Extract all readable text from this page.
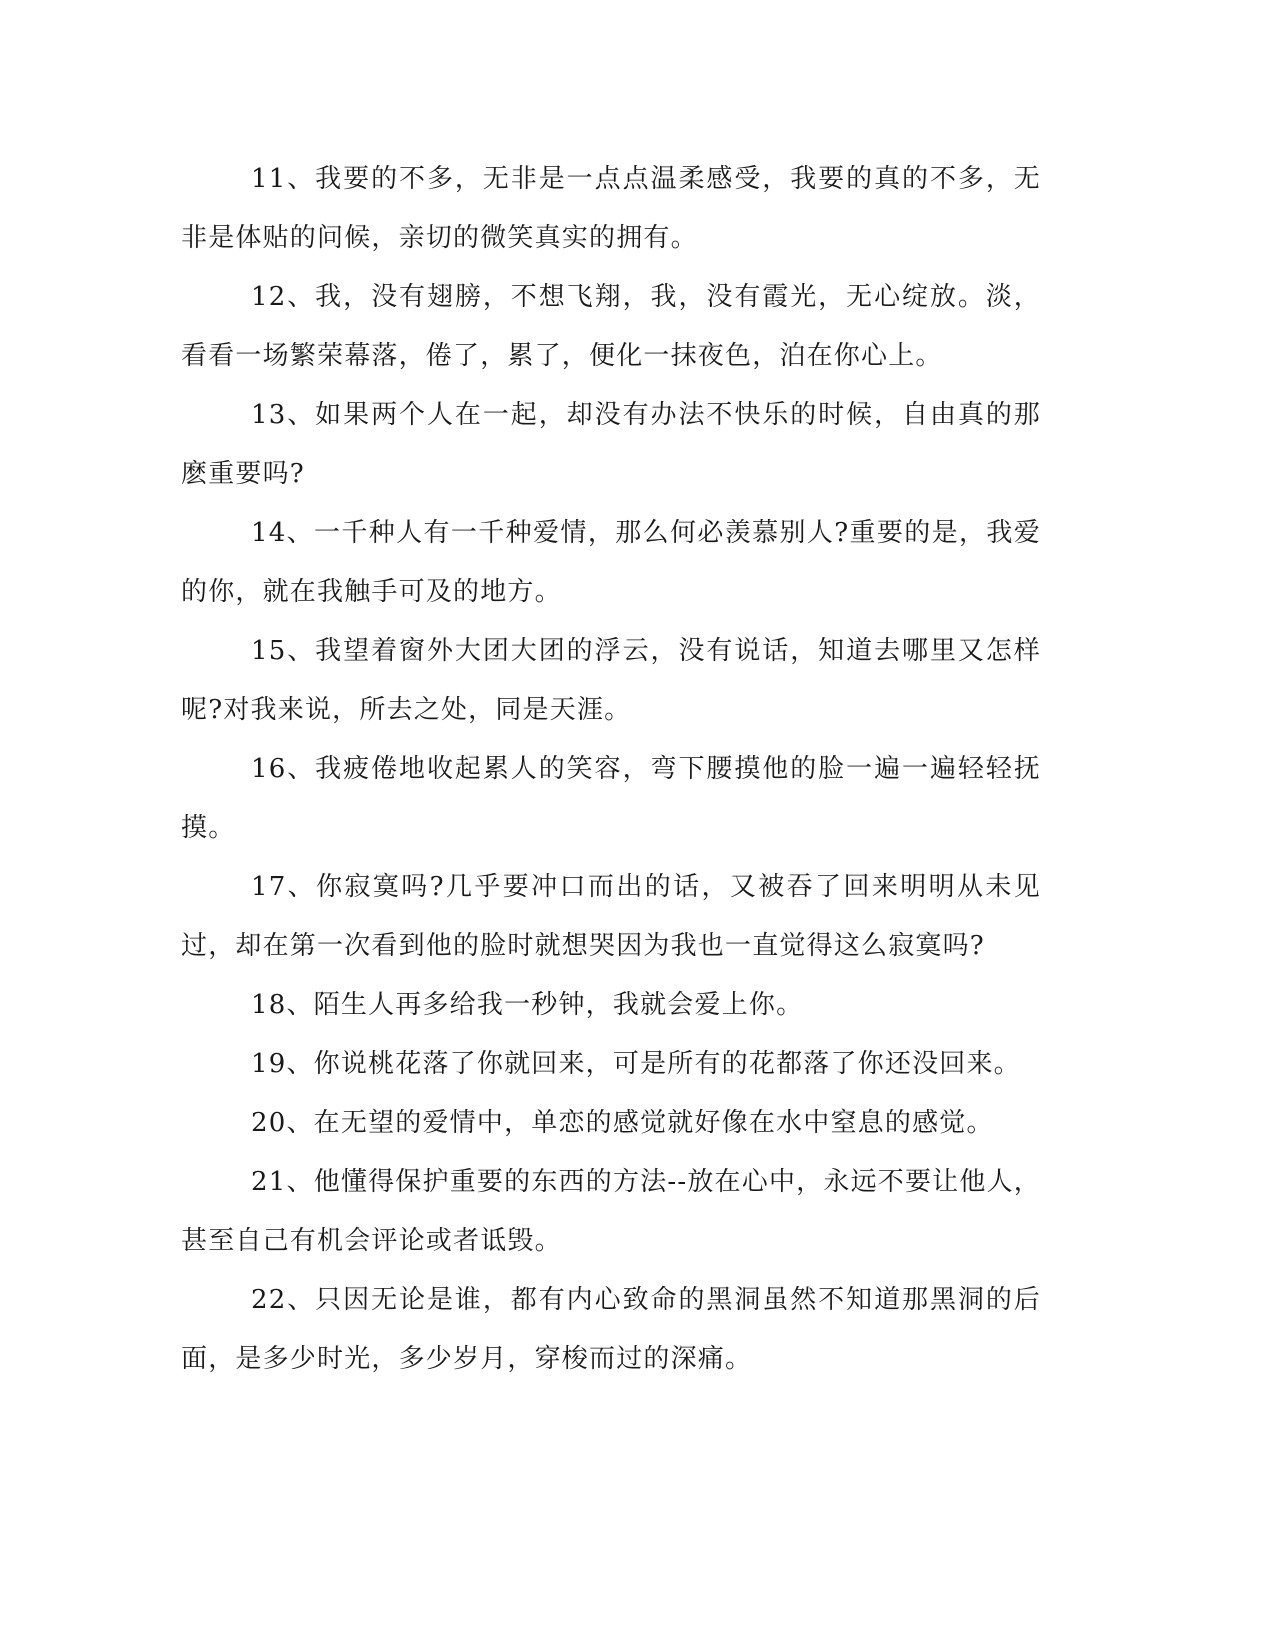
11、我要的不多，无非是一点点温柔感受，我要的真的不多，无非是体贴的问候，亲切的微笑真实的拥有。

12、我，没有翅膀，不想飞翔，我，没有霞光，无心绽放。淡，看看一场繁荣幕落，倦了，累了，便化一抹夜色，泊在你心上。

13、如果两个人在一起，却没有办法不快乐的时候，自由真的那麽重要吗?

14、一千种人有一千种爱情，那么何必羡慕别人?重要的是，我爱的你，就在我触手可及的地方。

15、我望着窗外大团大团的浮云，没有说话，知道去哪里又怎样呢?对我来说，所去之处，同是天涯。

16、我疲倦地收起累人的笑容，弯下腰摸他的脸一遍一遍轻轻抚摸。

17、你寂寞吗?几乎要冲口而出的话，又被吞了回来明明从未见过，却在第一次看到他的脸时就想哭因为我也一直觉得这么寂寞吗?

18、陌生人再多给我一秒钟，我就会爱上你。

19、你说桃花落了你就回来，可是所有的花都落了你还没回来。

20、在无望的爱情中，单恋的感觉就好像在水中窒息的感觉。

21、他懂得保护重要的东西的方法--放在心中，永远不要让他人，甚至自己有机会评论或者诋毁。

22、只因无论是谁，都有内心致命的黑洞虽然不知道那黑洞的后面，是多少时光，多少岁月，穿梭而过的深痛。
